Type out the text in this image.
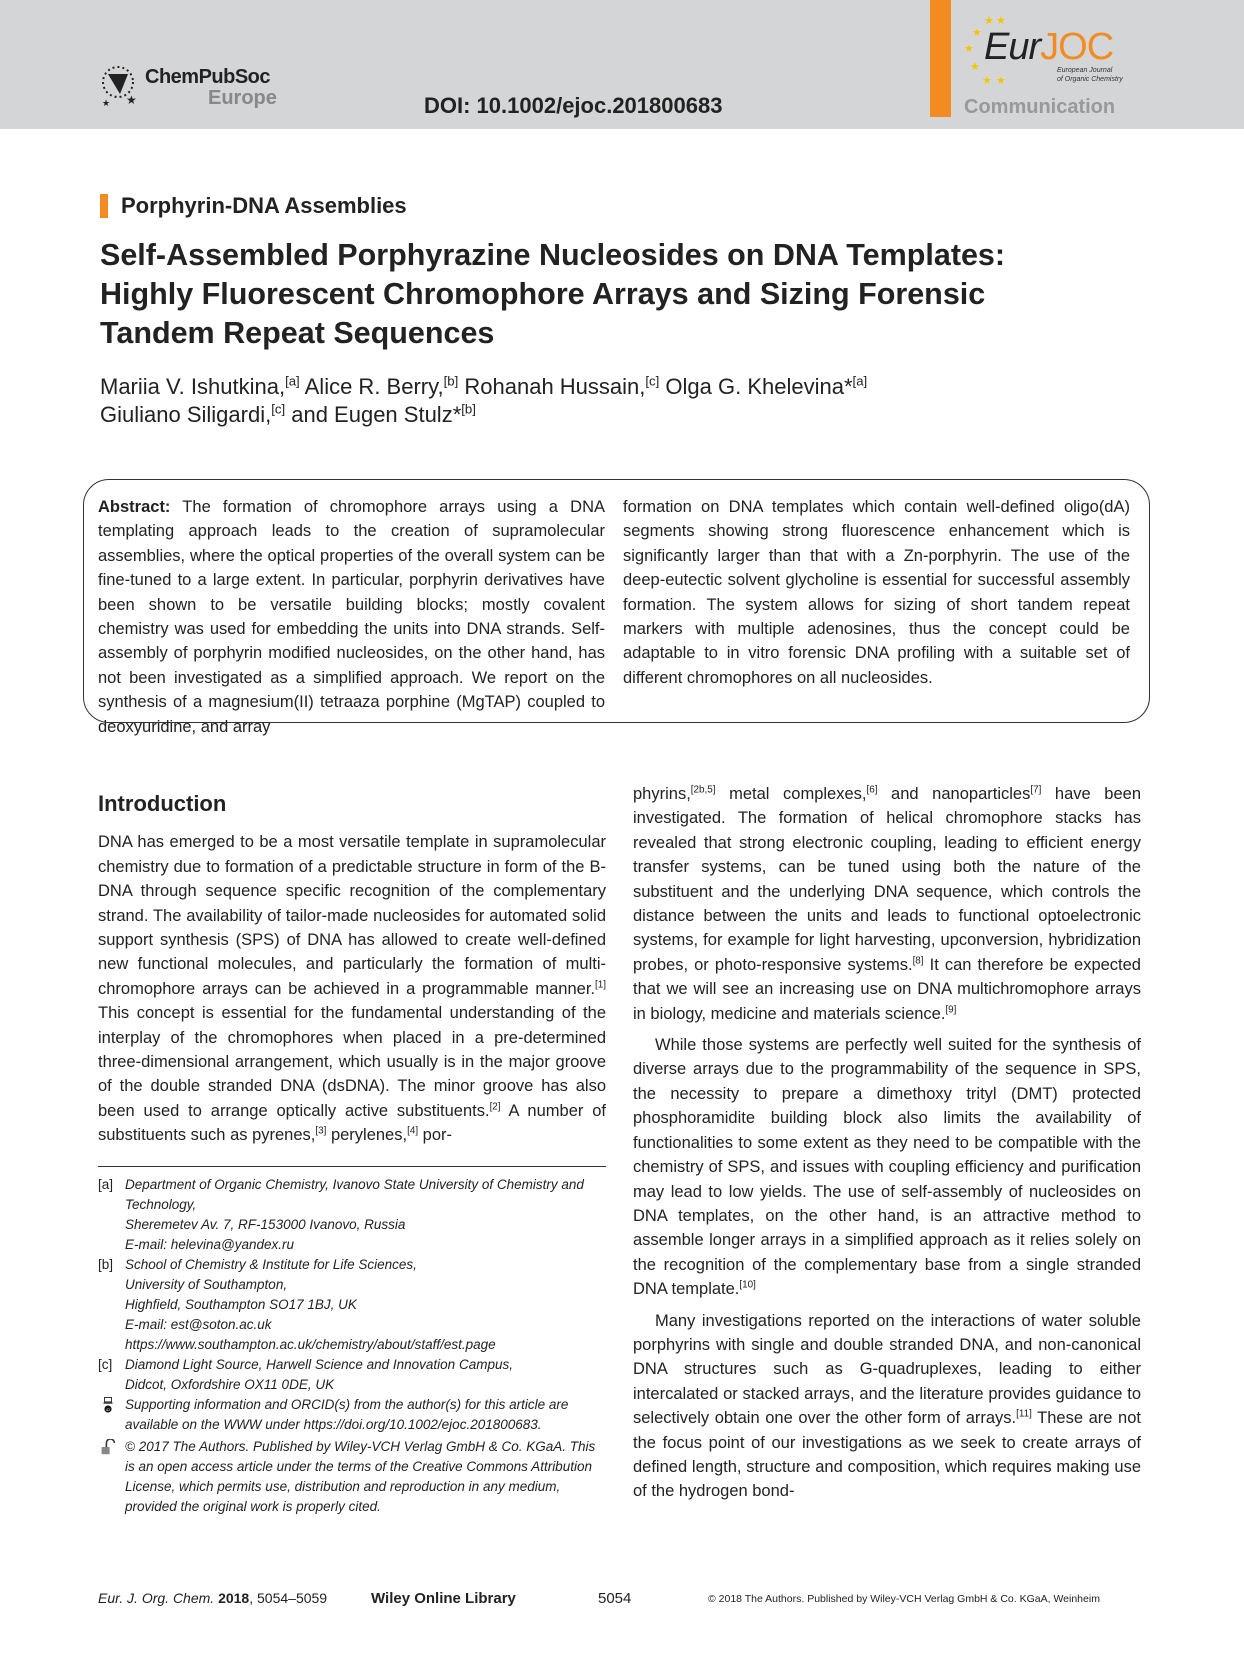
★
★
ChemPubSoc
Europe	DOI: 10.1002/ejoc.201800683
★ ★
★
★
★
★ ★
EurJOC
European Journal
of Organic Chemistry
Communication
Porphyrin-DNA Assemblies
Self-Assembled Porphyrazine Nucleosides on DNA Templates: Highly Fluorescent Chromophore Arrays and Sizing Forensic Tandem Repeat Sequences
Mariia V. Ishutkina,[a] Alice R. Berry,[b] Rohanah Hussain,[c] Olga G. Khelevina*[a]
Giuliano Siligardi,[c] and Eugen Stulz*[b]
Abstract: The formation of chromophore arrays using a DNA templating approach leads to the creation of supramolecular assemblies, where the optical properties of the overall system can be fine-tuned to a large extent. In particular, porphyrin derivatives have been shown to be versatile building blocks; mostly covalent chemistry was used for embedding the units into DNA strands. Self-assembly of porphyrin modified nucleosides, on the other hand, has not been investigated as a simplified approach. We report on the synthesis of a magnesium(II) tetraaza porphine (MgTAP) coupled to deoxyuridine, and array
formation on DNA templates which contain well-defined oligo(dA) segments showing strong fluorescence enhancement which is significantly larger than that with a Zn-porphyrin. The use of the deep-eutectic solvent glycholine is essential for successful assembly formation. The system allows for sizing of short tandem repeat markers with multiple adenosines, thus the concept could be adaptable to in vitro forensic DNA profiling with a suitable set of different chromophores on all nucleosides.
Introduction

DNA has emerged to be a most versatile template in supramolecular chemistry due to formation of a predictable structure in form of the B-DNA through sequence specific recognition of the complementary strand. The availability of tailor-made nucleosides for automated solid support synthesis (SPS) of DNA has allowed to create well-defined new functional molecules, and particularly the formation of multi-chromophore arrays can be achieved in a programmable manner.[1] This concept is essential for the fundamental understanding of the interplay of the chromophores when placed in a pre-determined three-dimensional arrangement, which usually is in the major groove of the double stranded DNA (dsDNA). The minor groove has also been used to arrange optically active substituents.[2] A number of substituents such as pyrenes,[3] perylenes,[4] por-

[a] Department of Organic Chemistry, Ivanovo State University of Chemistry and Technology,
Sheremetev Av. 7, RF-153000 Ivanovo, Russia
E-mail: helevina@yandex.ru
[b] School of Chemistry & Institute for Life Sciences,
University of Southampton,
Highfield, Southampton SO17 1BJ, UK
E-mail: est@soton.ac.uk
https://www.southampton.ac.uk/chemistry/about/staff/est.page
[c] Diamond Light Source, Harwell Science and Innovation Campus,
Didcot, Oxfordshire OX11 0DE, UK
iD Supporting information and ORCID(s) from the author(s) for this article are available on the WWW under https://doi.org/10.1002/ejoc.201800683.
© 2017 The Authors. Published by Wiley-VCH Verlag GmbH & Co. KGaA. This is an open access article under the terms of the Creative Commons Attribution License, which permits use, distribution and reproduction in any medium, provided the original work is properly cited.

phyrins,[2b,5] metal complexes,[6] and nanoparticles[7] have been investigated. The formation of helical chromophore stacks has revealed that strong electronic coupling, leading to efficient energy transfer systems, can be tuned using both the nature of the substituent and the underlying DNA sequence, which controls the distance between the units and leads to functional optoelectronic systems, for example for light harvesting, upconversion, hybridization probes, or photo-responsive systems.[8] It can therefore be expected that we will see an increasing use on DNA multichromophore arrays in biology, medicine and materials science.[9]

While those systems are perfectly well suited for the synthesis of diverse arrays due to the programmability of the sequence in SPS, the necessity to prepare a dimethoxy trityl (DMT) protected phosphoramidite building block also limits the availability of functionalities to some extent as they need to be compatible with the chemistry of SPS, and issues with coupling efficiency and purification may lead to low yields. The use of self-assembly of nucleosides on DNA templates, on the other hand, is an attractive method to assemble longer arrays in a simplified approach as it relies solely on the recognition of the complementary base from a single stranded DNA template.[10]

Many investigations reported on the interactions of water soluble porphyrins with single and double stranded DNA, and non-canonical DNA structures such as G-quadruplexes, leading to either intercalated or stacked arrays, and the literature provides guidance to selectively obtain one over the other form of arrays.[11] These are not the focus point of our investigations as we seek to create arrays of defined length, structure and composition, which requires making use of the hydrogen bond-

Eur. J. Org. Chem. 2018, 5054–5059	Wiley Online Library	5054	© 2018 The Authors. Published by Wiley-VCH Verlag GmbH & Co. KGaA, Weinheim
